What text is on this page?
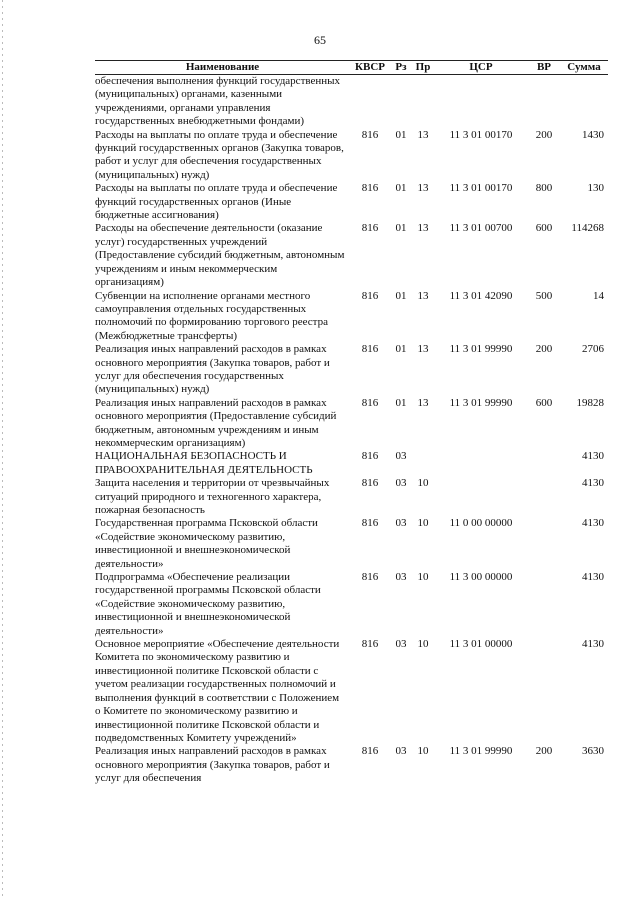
65
Наименование	КВСР	Рз	Пр	ЦСР	ВР	Сумма
обеспечения выполнения функций государственных (муниципальных) органами, казенными учреждениями, органами управления государственных внебюджетными фондами)						
Расходы на выплаты по оплате труда и обеспечение функций государственных органов (Закупка товаров, работ и услуг для обеспечения государственных (муниципальных) нужд)	816	01	13	11 3 01 00170	200	1430
Расходы на выплаты по оплате труда и обеспечение функций государственных органов (Иные бюджетные ассигнования)	816	01	13	11 3 01 00170	800	130
Расходы на обеспечение деятельности (оказание услуг) государственных учреждений (Предоставление субсидий бюджетным, автономным учреждениям и иным некоммерческим организациям)	816	01	13	11 3 01 00700	600	114268
Субвенции на исполнение органами местного самоуправления отдельных государственных полномочий по формированию торгового реестра (Межбюджетные трансферты)	816	01	13	11 3 01 42090	500	14
Реализация иных направлений расходов в рамках основного мероприятия (Закупка товаров, работ и услуг для обеспечения государственных (муниципальных) нужд)	816	01	13	11 3 01 99990	200	2706
Реализация иных направлений расходов в рамках основного мероприятия (Предоставление субсидий бюджетным, автономным учреждениям и иным некоммерческим организациям)	816	01	13	11 3 01 99990	600	19828
НАЦИОНАЛЬНАЯ БЕЗОПАСНОСТЬ И ПРАВООХРАНИТЕЛЬНАЯ ДЕЯТЕЛЬНОСТЬ	816	03				4130
Защита населения и территории от чрезвычайных ситуаций природного и техногенного характера, пожарная безопасность	816	03	10			4130
Государственная программа Псковской области «Содействие экономическому развитию, инвестиционной и внешнеэкономической деятельности»	816	03	10	11 0 00 00000		4130
Подпрограмма «Обеспечение реализации государственной программы Псковской области «Содействие экономическому развитию, инвестиционной и внешнеэкономической деятельности»	816	03	10	11 3 00 00000		4130
Основное мероприятие «Обеспечение деятельности Комитета по экономическому развитию и инвестиционной политике Псковской области с учетом реализации государственных полномочий и выполнения функций в соответствии с Положением о Комитете по экономическому развитию и инвестиционной политике Псковской области и подведомственных Комитету учреждений»	816	03	10	11 3 01 00000		4130
Реализация иных направлений расходов в рамках основного мероприятия (Закупка товаров, работ и услуг для обеспечения	816	03	10	11 3 01 99990	200	3630
